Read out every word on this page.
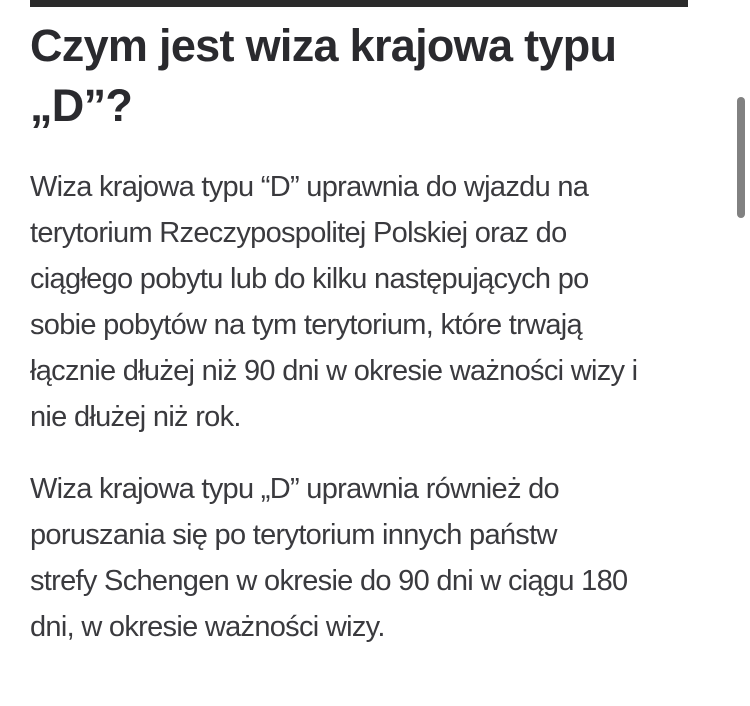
Czym jest wiza krajowa typu
„D”?

Wiza krajowa typu “D” uprawnia do wjazdu na
terytorium Rzeczypospolitej Polskiej oraz do
ciągłego pobytu lub do kilku następujących po
sobie pobytów na tym terytorium, które trwają
łącznie dłużej niż 90 dni w okresie ważności wizy i
nie dłużej niż rok.

Wiza krajowa typu „D” uprawnia również do
poruszania się po terytorium innych państw
strefy Schengen w okresie do 90 dni w ciągu 180
dni, w okresie ważności wizy.
